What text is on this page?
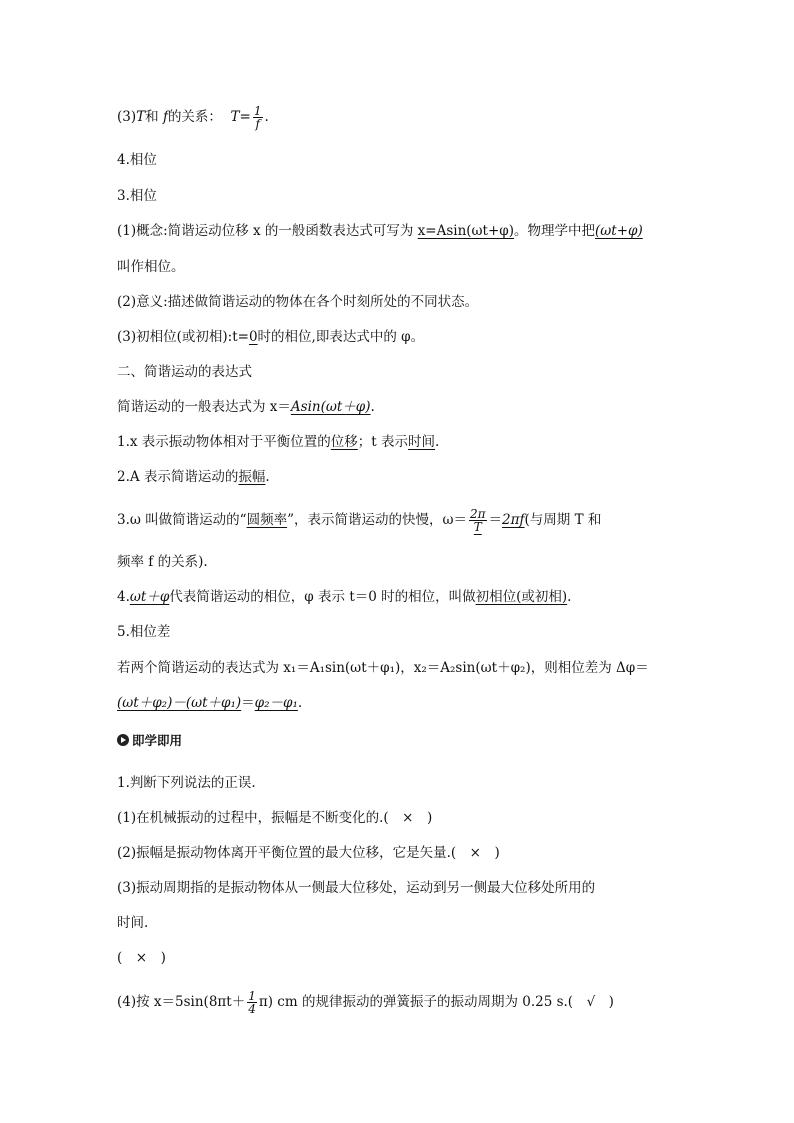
(3)T和 f的关系： $T= \frac{1}{f}$ .
4.相位
3.相位
(1)概念:简谐运动位移 x 的一般函数表达式可写为 x=Asin(ωt+φ)。物理学中把(ωt+φ)
叫作相位。
(2)意义:描述做简谐运动的物体在各个时刻所处的不同状态。
(3)初相位(或初相):t=0时的相位,即表达式中的 φ。
二、简谐运动的表达式
简谐运动的一般表达式为 x＝Asin(ωt＋φ).
1.x 表示振动物体相对于平衡位置的位移；t 表示时间.
2.A 表示简谐运动的振幅.
3.ω 叫做简谐运动的“圆频率”，表示简谐运动的快慢，$\omega= \frac{2\pi}{T} =2\pi f$(与周期 T 和
频率 f 的关系).
4.ωt＋φ代表简谐运动的相位，φ 表示 t＝0 时的相位，叫做初相位(或初相).
5.相位差
若两个简谐运动的表达式为 x₁＝A₁sin(ωt＋φ₁)，x₂＝A₂sin(ωt＋φ₂)，则相位差为 Δφ＝
(ωt＋φ₂)－(ωt＋φ₁)＝φ₂－φ₁.
即学即用
1.判断下列说法的正误.
(1)在机械振动的过程中，振幅是不断变化的.(　×　)
(2)振幅是振动物体离开平衡位置的最大位移，它是矢量.(　×　)
(3)振动周期指的是振动物体从一侧最大位移处，运动到另一侧最大位移处所用的
时间.
(　×　)
(4)按 $x=5\sin(8\pi t+ \frac{1}{4} \pi)$ cm 的规律振动的弹簧振子的振动周期为 0.25 s.(　√　)
